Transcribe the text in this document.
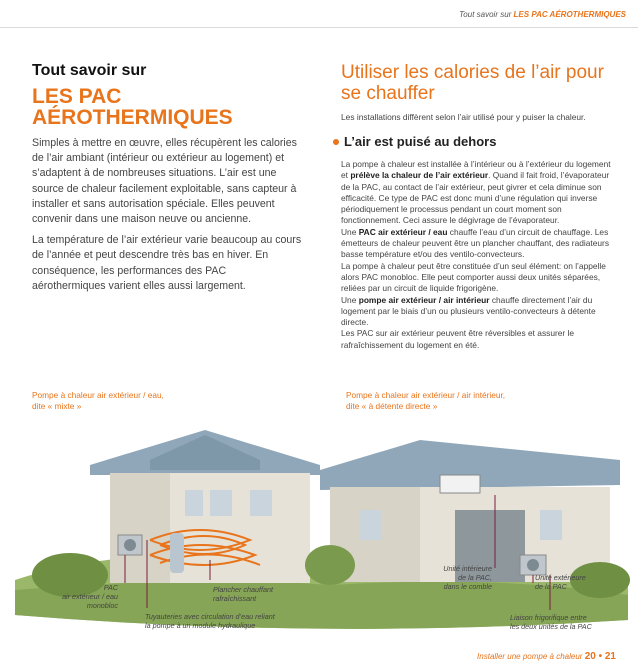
Tout savoir sur LES PAC AÉROTHERMIQUES
Tout savoir sur
LES PAC
AÉROTHERMIQUES

Simples à mettre en œuvre, elles récupèrent les calories de l’air ambiant (intérieur ou extérieur au logement) et s’adaptent à de nombreuses situations. L’air est une source de chaleur facilement exploitable, sans capteur à installer et sans autorisation spéciale. Elles peuvent convenir dans une maison neuve ou ancienne.

La température de l’air extérieur varie beaucoup au cours de l’année et peut descendre très bas en hiver. En conséquence, les performances des PAC aérothermiques varient elles aussi largement.

Utiliser les calories de l’air pour se chauffer
Les installations diffèrent selon l’air utilisé pour y puiser la chaleur.
L’air est puisé au dehors

La pompe à chaleur est installée à l’intérieur ou à l’extérieur du logement et prélève la chaleur de l’air extérieur. Quand il fait froid, l’évaporateur de la PAC, au contact de l’air extérieur, peut givrer et cela diminue son efficacité. Ce type de PAC est donc muni d’une régulation qui inverse périodiquement le processus pendant un court moment son fonctionnement. Ceci assure le dégivrage de l’évaporateur.

Une PAC air extérieur / eau chauffe l’eau d’un circuit de chauffage. Les émetteurs de chaleur peuvent être un plancher chauffant, des radiateurs basse température et/ou des ventilo-convecteurs.

La pompe à chaleur peut être constituée d’un seul élément: on l’appelle alors PAC monobloc. Elle peut comporter aussi deux unités séparées, reliées par un circuit de liquide frigorigène.

Une pompe air extérieur / air intérieur chauffe directement l’air du logement par le biais d’un ou plusieurs ventilo-convecteurs à détente directe.

Les PAC sur air extérieur peuvent être réversibles et assurer le rafraîchissement du logement en été.

Pompe à chaleur air extérieur / eau,
dite « mixte »
Pompe à chaleur air extérieur / air intérieur,
dite « à détente directe »
PAC
air extérieur / eau
monobloc
Tuyauteries avec circulation d’eau reliant
la pompe à un module hydraulique
Plancher chauffant
rafraîchissant
Unité intérieure
de la PAC,
dans le comble
Unité extérieure
de la PAC
Liaison frigorifique entre
les deux unités de la PAC
Installer une pompe à chaleur 20 • 21
